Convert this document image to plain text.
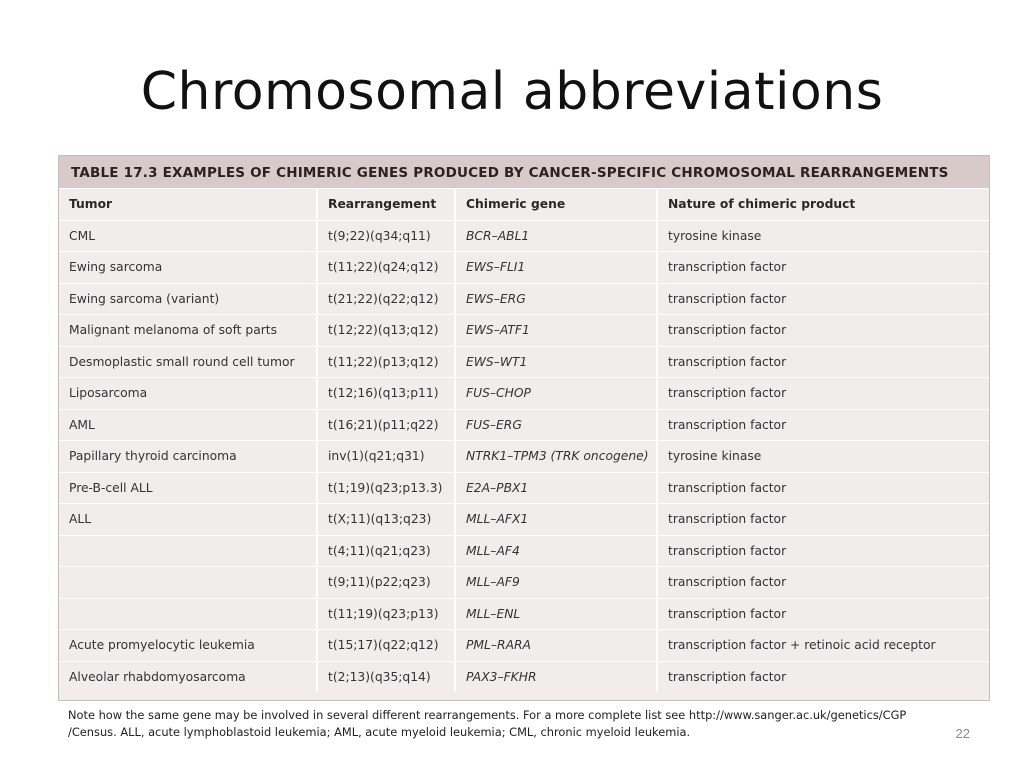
Chromosomal abbreviations
TABLE 17.3 EXAMPLES OF CHIMERIC GENES PRODUCED BY CANCER-SPECIFIC CHROMOSOMAL REARRANGEMENTS
Tumor	Rearrangement	Chimeric gene	Nature of chimeric product
CML	t(9;22)(q34;q11)	BCR–ABL1	tyrosine kinase
Ewing sarcoma	t(11;22)(q24;q12)	EWS–FLI1	transcription factor
Ewing sarcoma (variant)	t(21;22)(q22;q12)	EWS–ERG	transcription factor
Malignant melanoma of soft parts	t(12;22)(q13;q12)	EWS–ATF1	transcription factor
Desmoplastic small round cell tumor	t(11;22)(p13;q12)	EWS–WT1	transcription factor
Liposarcoma	t(12;16)(q13;p11)	FUS–CHOP	transcription factor
AML	t(16;21)(p11;q22)	FUS–ERG	transcription factor
Papillary thyroid carcinoma	inv(1)(q21;q31)	NTRK1–TPM3 (TRK oncogene)	tyrosine kinase
Pre-B-cell ALL	t(1;19)(q23;p13.3)	E2A–PBX1	transcription factor
ALL	t(X;11)(q13;q23)	MLL–AFX1	transcription factor
	t(4;11)(q21;q23)	MLL–AF4	transcription factor
	t(9;11)(p22;q23)	MLL–AF9	transcription factor
	t(11;19)(q23;p13)	MLL–ENL	transcription factor
Acute promyelocytic leukemia	t(15;17)(q22;q12)	PML–RARA	transcription factor + retinoic acid receptor
Alveolar rhabdomyosarcoma	t(2;13)(q35;q14)	PAX3–FKHR	transcription factor
Note how the same gene may be involved in several different rearrangements. For a more complete list see http://www.sanger.ac.uk/genetics/CGP
/Census. ALL, acute lymphoblastoid leukemia; AML, acute myeloid leukemia; CML, chronic myeloid leukemia.	22
